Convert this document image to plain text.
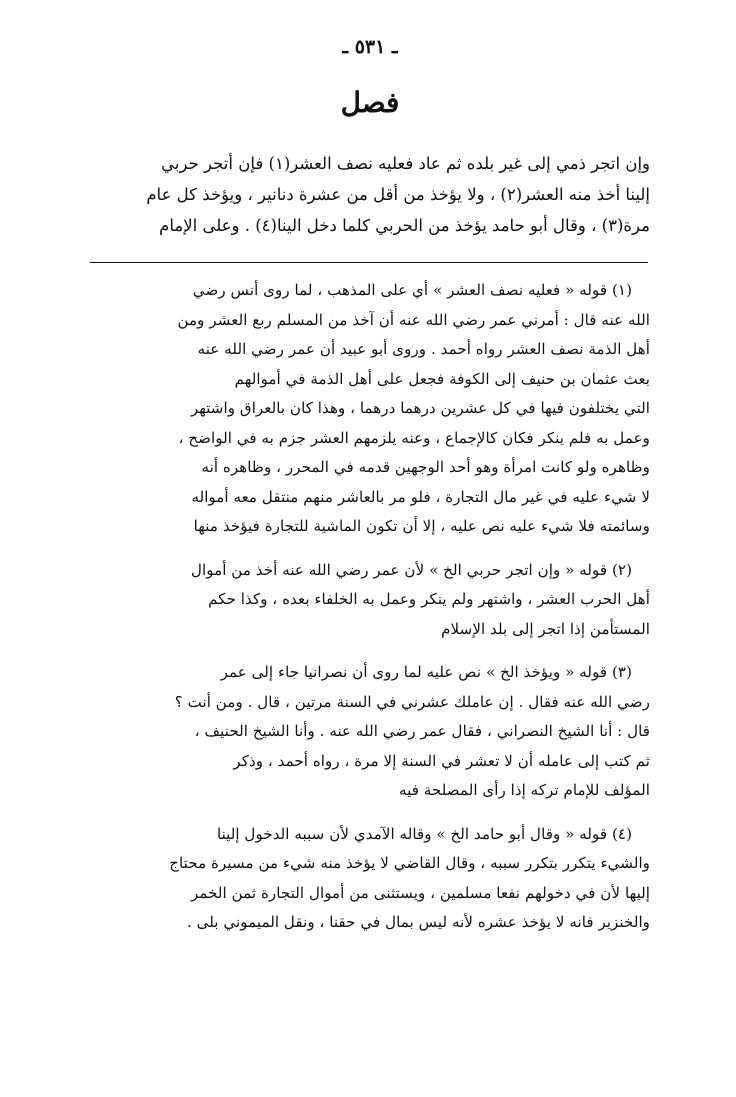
ـ ٥٣١ ـ
فصل
وإن اتجر ذمي إلى غير بلده ثم عاد فعليه نصف العشر(١) فإن أتجر حربي
إلينا أخذ منه العشر(٢) ، ولا يؤخذ من أقل من عشرة دنانير ، ويؤخذ كل عام
مرة(٣) ، وقال أبو حامد يؤخذ من الحربي كلما دخل الينا(٤) . وعلى الإمام
(١) قوله « فعليه نصف العشر » أي على المذهب ، لما روى أنس رضي
الله عنه قال : أمرني عمر رضي الله عنه أن آخذ من المسلم ربع العشر ومن
أهل الذمة نصف العشر رواه أحمد . وروى أبو عبيد أن عمر رضي الله عنه
بعث عثمان بن حنيف إلى الكوفة فجعل على أهل الذمة في أموالهم
التي يختلفون فيها في كل عشرين درهما درهما ، وهذا كان بالعراق واشتهر
وعمل به فلم ينكر فكان كالإجماع ، وعنه يلزمهم العشر جزم به في الواضح ،
وظاهره ولو كانت امرأة وهو أحد الوجهين قدمه في المحرر ، وظاهره أنه
لا شيء عليه في غير مال التجارة ، فلو مر بالعاشر منهم منتقل معه أمواله
وسائمته فلا شيء عليه نص عليه ، إلا أن تكون الماشية للتجارة فيؤخذ منها
(٢) قوله « وإن اتجر حربي الخ » لأن عمر رضي الله عنه أخذ من أموال
أهل الحرب العشر ، واشتهر ولم ينكر وعمل به الخلفاء بعده ، وكذا حكم
المستأمن إذا اتجر إلى بلد الإسلام
(٣) قوله « ويؤخذ الخ » نص عليه لما روى أن نصرانيا جاء إلى عمر
رضي الله عنه فقال . إن عاملك عشرني في السنة مرتين ، قال . ومن أنت ؟
قال : أنا الشيخ النصراني ، فقال عمر رضي الله عنه . وأنا الشيخ الحنيف ،
ثم كتب إلى عامله أن لا تعشر في السنة إلا مرة ، رواه أحمد ، وذكر
المؤلف للإمام تركه إذا رأى المصلحة فيه
(٤) قوله « وقال أبو حامد الخ » وقاله الآمدي لأن سببه الدخول إلينا
والشيء يتكرر بتكرر سببه ، وقال القاضي لا يؤخذ منه شيء من مسيرة محتاج
إليها لأن في دخولهم نفعا مسلمين ، ويستثنى من أموال التجارة ثمن الخمر
والخنزير فانه لا يؤخذ عشره لأنه ليس بمال في حقنا ، ونقل الميموني بلى .
